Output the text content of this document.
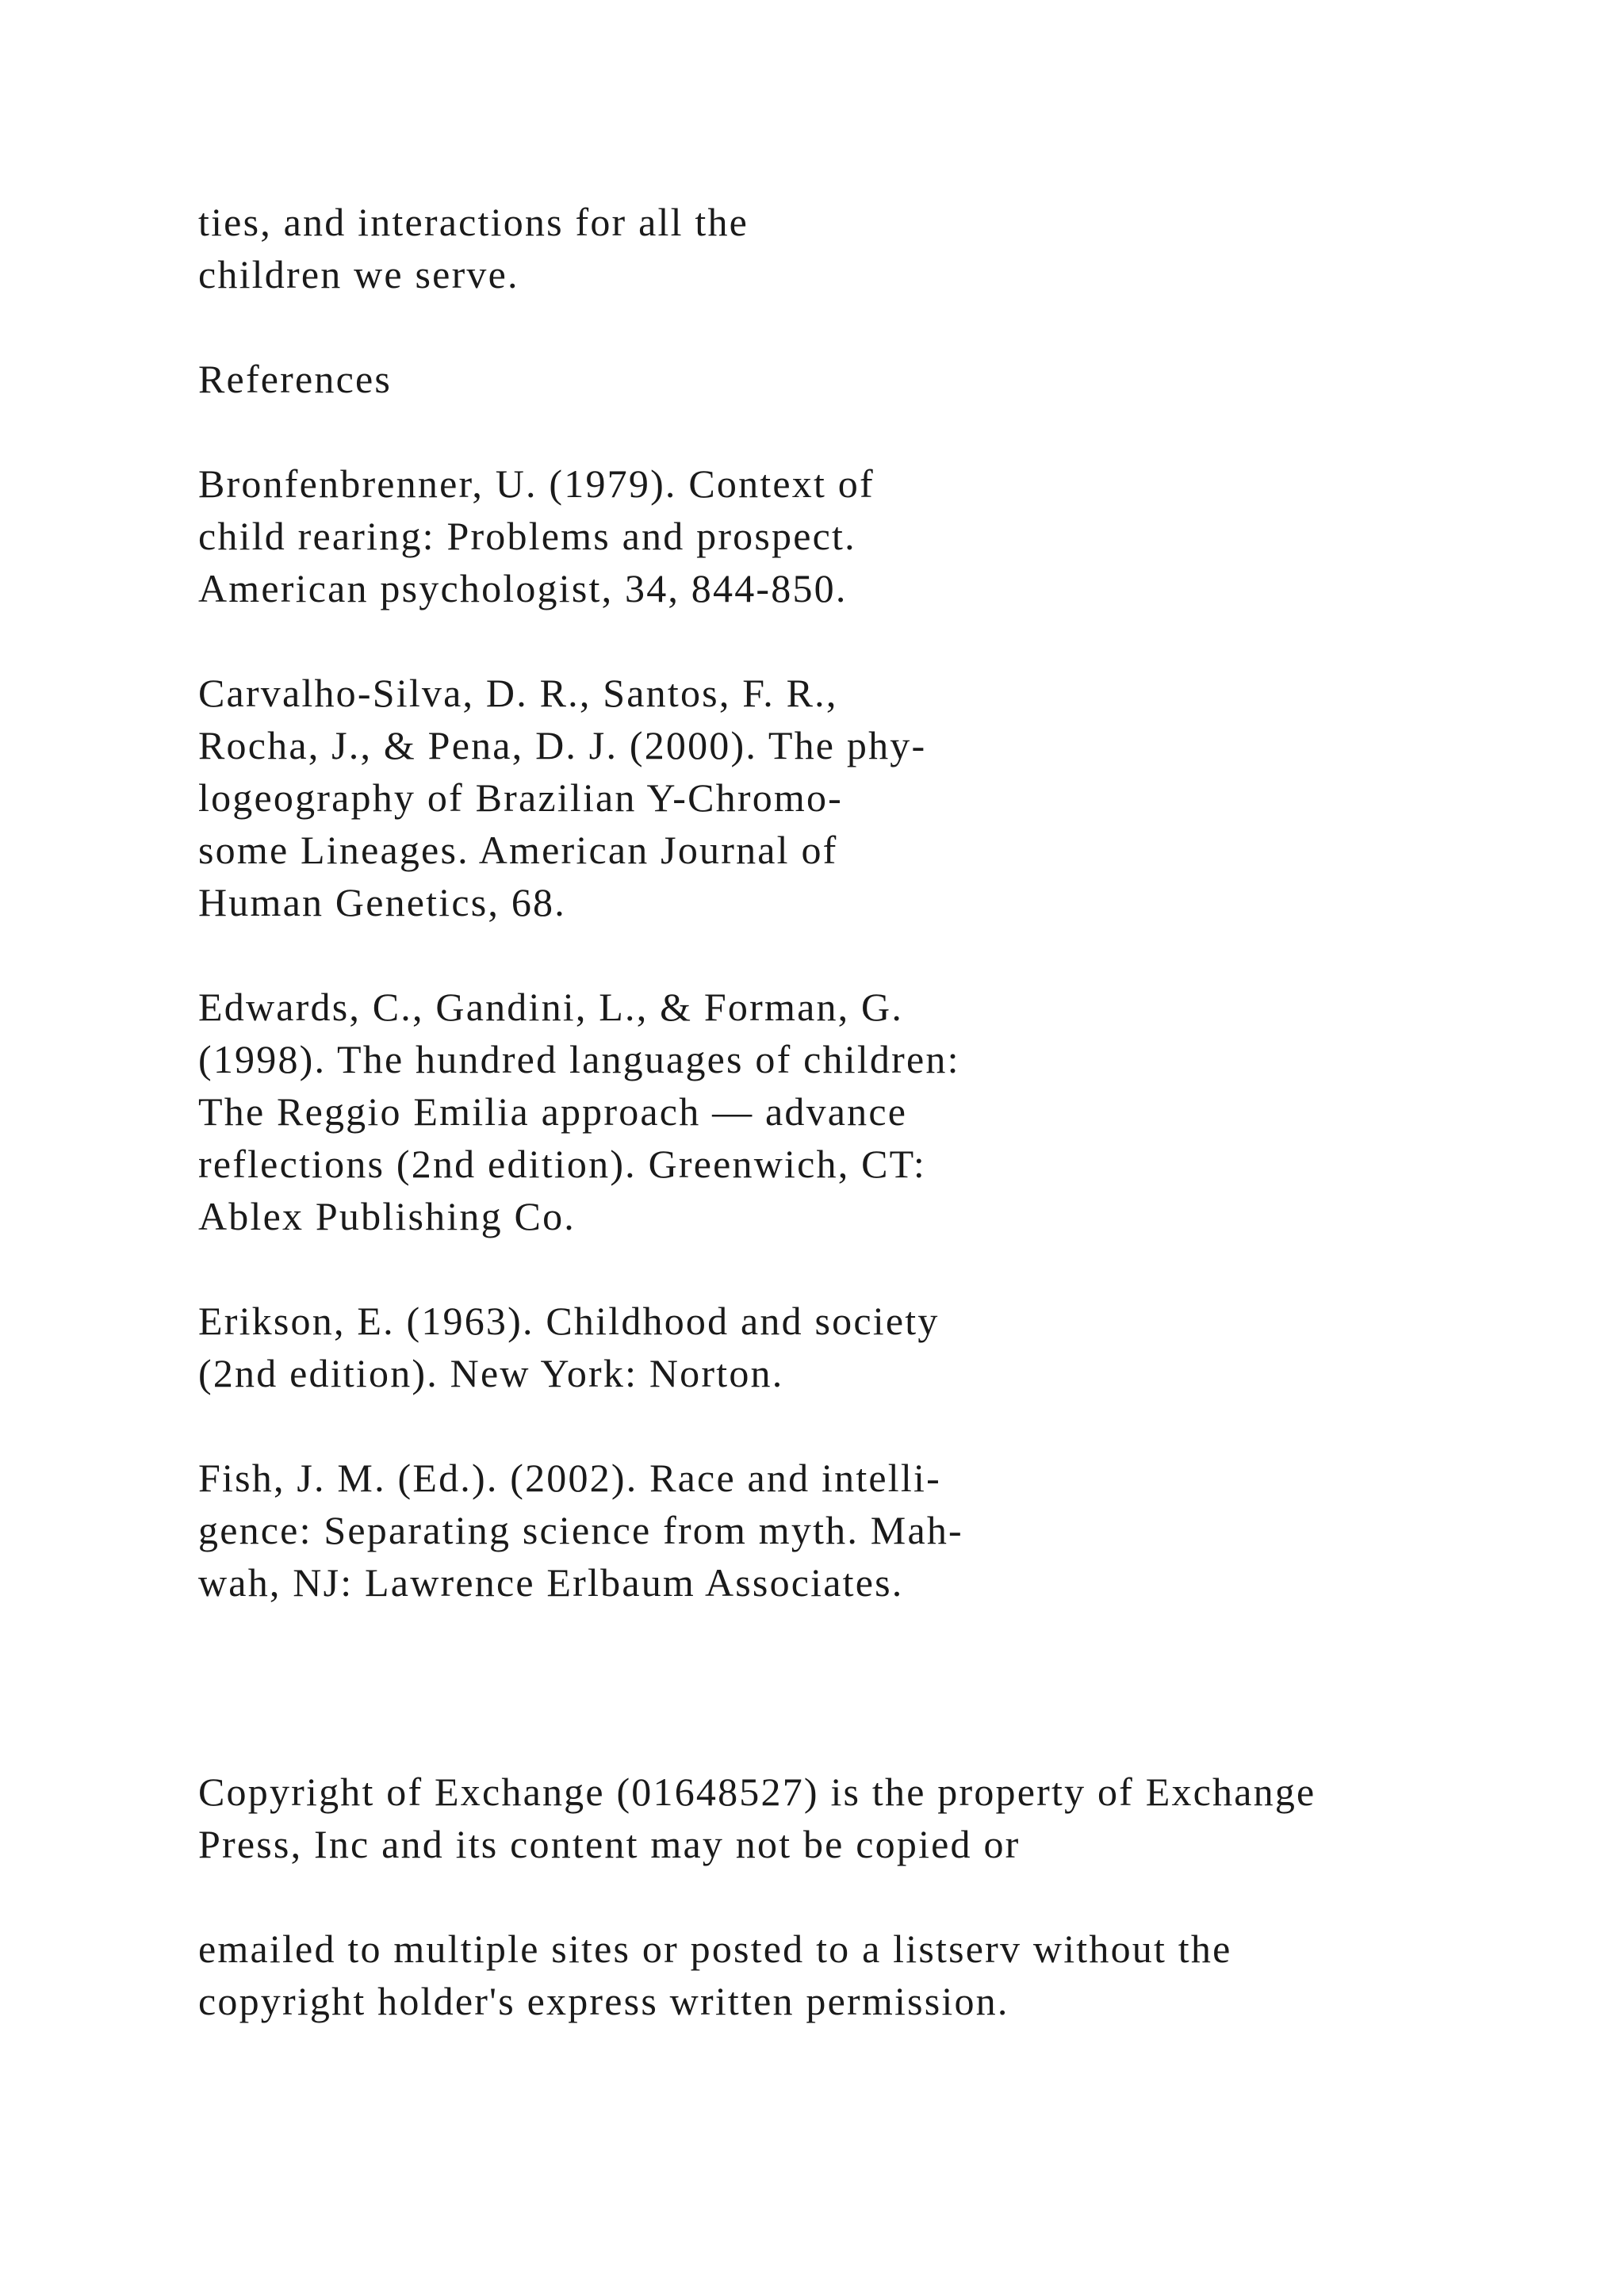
ties, and interactions for all the
children we serve.
References
Bronfenbrenner, U. (1979). Context of
child rearing: Problems and prospect.
American psychologist, 34, 844-850.
Carvalho-Silva, D. R., Santos, F. R.,
Rocha, J., & Pena, D. J. (2000). The phy-
logeography of Brazilian Y-Chromo-
some Lineages. American Journal of
Human Genetics, 68.
Edwards, C., Gandini, L., & Forman, G.
(1998). The hundred languages of children:
The Reggio Emilia approach — advance
reflections (2nd edition). Greenwich, CT:
Ablex Publishing Co.
Erikson, E. (1963). Childhood and society
(2nd edition). New York: Norton.
Fish, J. M. (Ed.). (2002). Race and intelli-
gence: Separating science from myth. Mah-
wah, NJ: Lawrence Erlbaum Associates.
Copyright of Exchange (01648527) is the property of Exchange
Press, Inc and its content may not be copied or
emailed to multiple sites or posted to a listserv without the
copyright holder's express written permission.
